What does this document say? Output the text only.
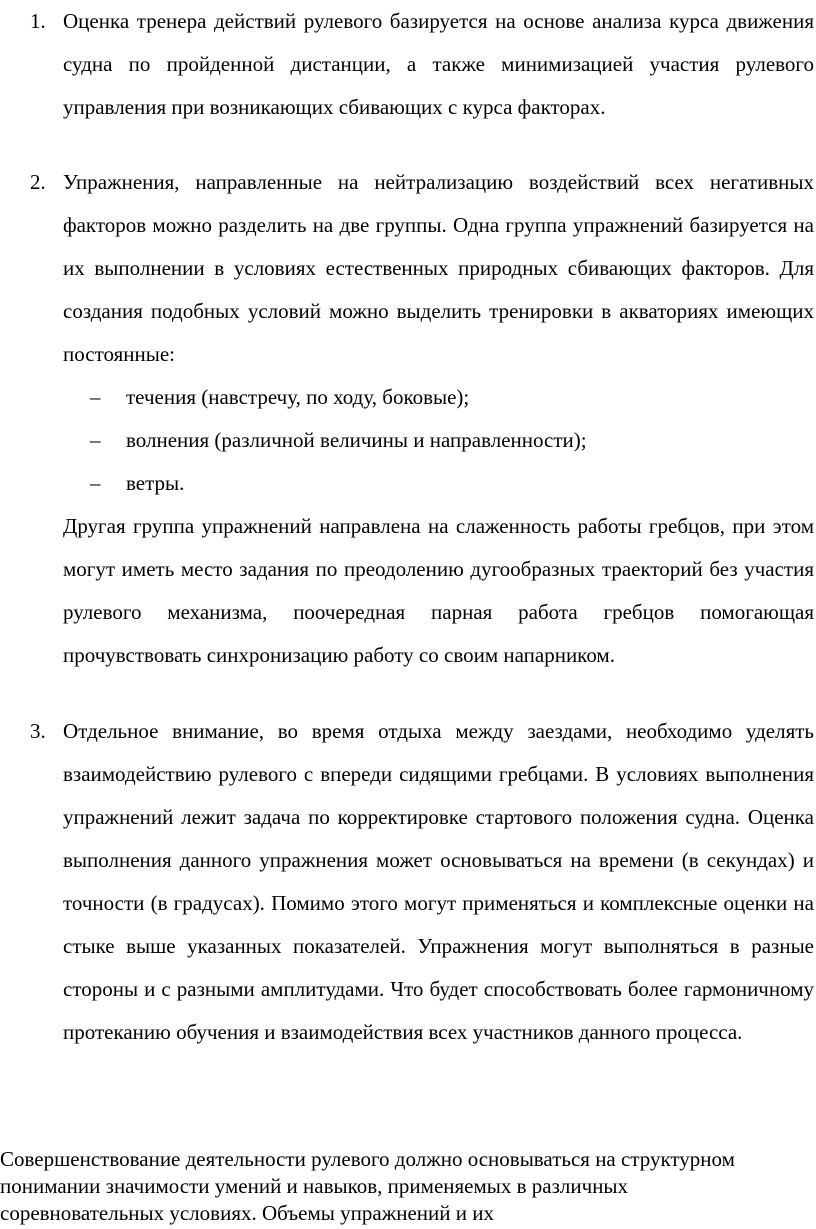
1. Оценка тренера действий рулевого базируется на основе анализа курса движения судна по пройденной дистанции, а также минимизацией участия рулевого управления при возникающих сбивающих с курса факторах.

2. Упражнения, направленные на нейтрализацию воздействий всех негативных факторов можно разделить на две группы. Одна группа упражнений базируется на их выполнении в условиях естественных природных сбивающих факторов. Для создания подобных условий можно выделить тренировки в акваториях имеющих постоянные:

– течения (навстречу, по ходу, боковые);
– волнения (различной величины и направленности);
– ветры.

Другая группа упражнений направлена на слаженность работы гребцов, при этом могут иметь место задания по преодолению дугообразных траекторий без участия рулевого механизма, поочередная парная работа гребцов помогающая прочувствовать синхронизацию работу со своим напарником.

3. Отдельное внимание, во время отдыха между заездами, необходимо уделять взаимодействию рулевого с впереди сидящими гребцами. В условиях выполнения упражнений лежит задача по корректировке стартового положения судна. Оценка выполнения данного упражнения может основываться на времени (в секундах) и точности (в градусах). Помимо этого могут применяться и комплексные оценки на стыке выше указанных показателей. Упражнения могут выполняться в разные стороны и с разными амплитудами. Что будет способствовать более гармоничному протеканию обучения и взаимодействия всех участников данного процесса.

Совершенствование деятельности рулевого должно основываться на структурном понимании значимости умений и навыков, применяемых в различных соревновательных условиях. Объемы упражнений и их
